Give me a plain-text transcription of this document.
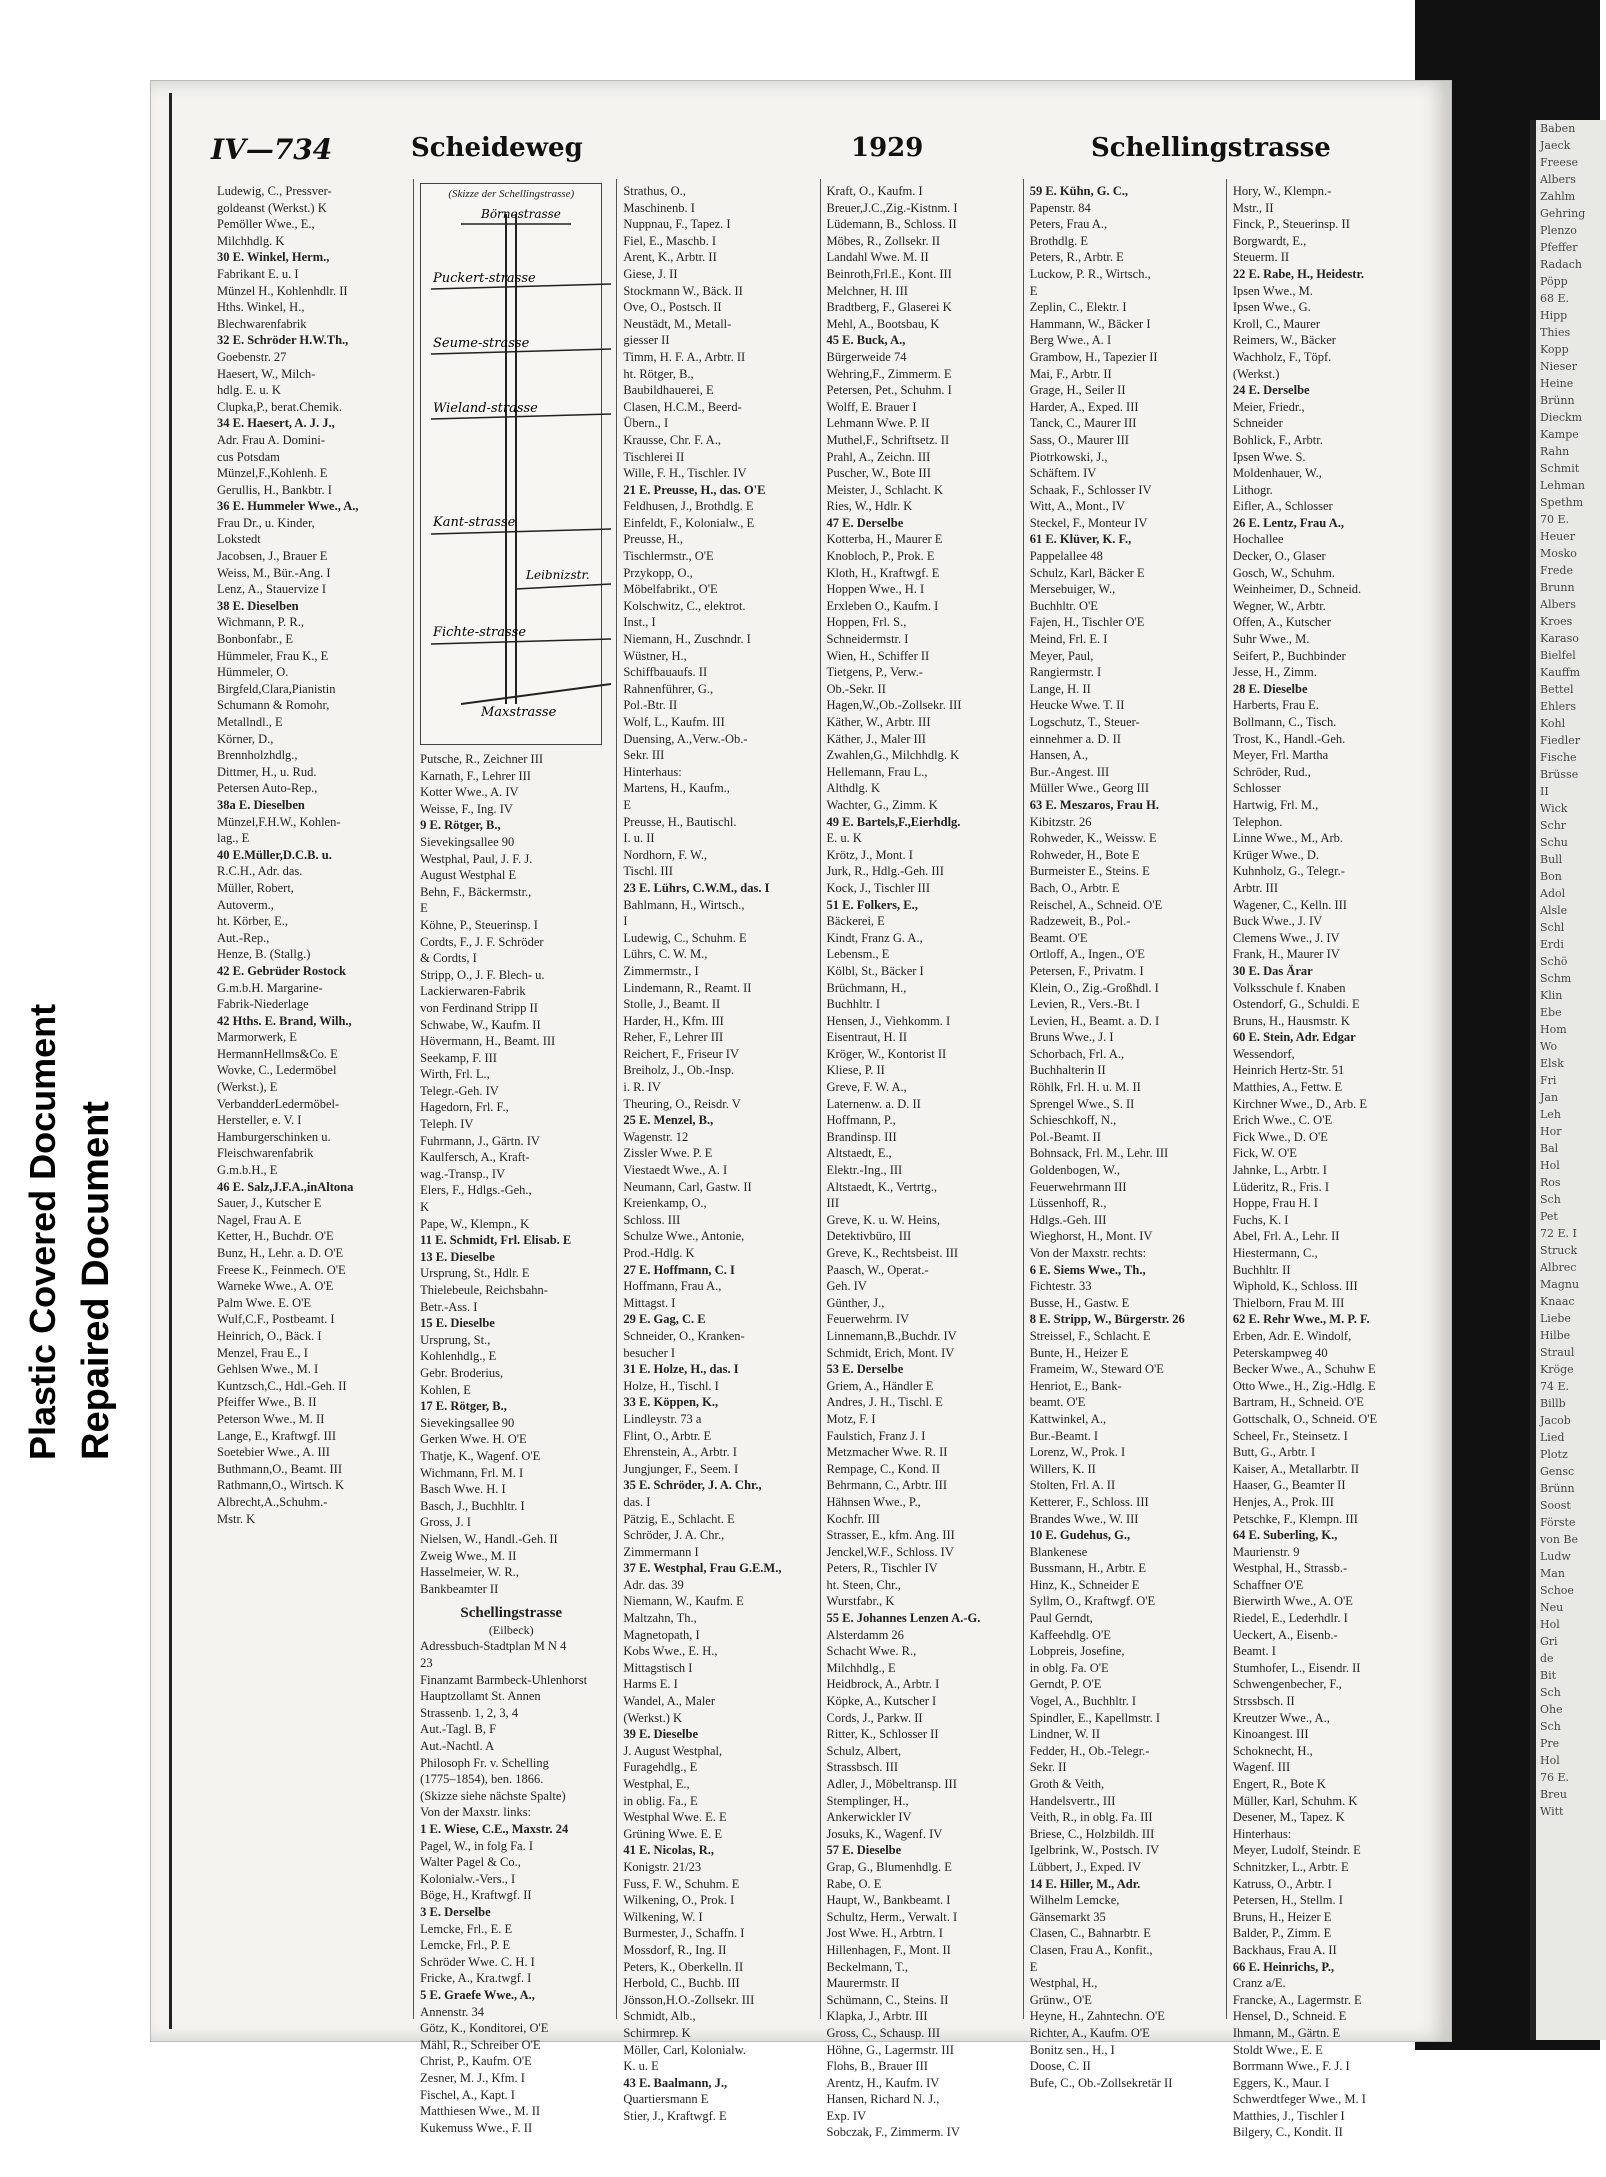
Baben
Jaeck
Freese
Albers
Zahlm
Gehring
Plenzo
Pfeffer
Radach
Pöpp
68 E.
Hipp
Thies
Kopp
Nieser
Heine
Brünn
Dieckm
Kampe
Rahn
Schmit
Lehman
Spethm
70 E.
Heuer
Mosko
Frede
Brunn
Albers
Kroes
Karaso
Bielfel
Kauffm
Bettel
Ehlers
Kohl
Fiedler
Fische
Brüsse
II
Wick
Schr
Schu
Bull
Bon
Adol
Alsle
Schl
Erdi
Schö
Schm
Klin
Ebe
Hom
Wo
Elsk
Fri
Jan
Leh
Hor
Bal
Hol
Ros
Sch
Pet
72 E. I
Struck
Albrec
Magnu
Knaac
Liebe
Hilbe
Straul
Kröge
74 E.
Billb
Jacob
Lied
Plotz
Gensc
Brünn
Soost
Förste
von Be
Ludw
Man
Schoe
Neu
Hol
Gri
de
Bit
Sch
Ohe
Sch
Pre
Hol
76 E.
Breu
Witt
IV—734	Scheideweg	1929	Schellingstrasse
Ludewig, C., Pressver-
goldeanst (Werkst.) K
Pemöller Wwe., E.,
Milchhdlg. K
30 E. Winkel, Herm.,
Fabrikant E. u. I
Münzel H., Kohlenhdlr. II
Hths. Winkel, H.,
Blechwarenfabrik
32 E. Schröder H.W.Th.,
Goebenstr. 27
Haesert, W., Milch-
hdlg. E. u. K
Clupka,P., berat.Chemik.
34 E. Haesert, A. J. J.,
Adr. Frau A. Domini-
cus Potsdam
Münzel,F.,Kohlenh. E
Gerullis, H., Bankbtr. I
36 E. Hummeler Wwe., A.,
Frau Dr., u. Kinder,
Lokstedt
Jacobsen, J., Brauer E
Weiss, M., Bür.-Ang. I
Lenz, A., Stauervize I
38 E. Dieselben
Wichmann, P. R.,
Bonbonfabr., E
Hümmeler, Frau K., E
Hümmeler, O.
Birgfeld,Clara,Pianistin
Schumann & Romohr,
Metallndl., E
Körner, D.,
Brennholzhdlg.,
Dittmer, H., u. Rud.
Petersen Auto-Rep.,
38a E. Dieselben
Münzel,F.H.W., Kohlen-
lag., E
40 E.Müller,D.C.B. u.
R.C.H., Adr. das.
Müller, Robert,
Autoverm.,
ht. Körber, E.,
Aut.-Rep.,
Henze, B. (Stallg.)
42 E. Gebrüder Rostock
G.m.b.H. Margarine-
Fabrik-Niederlage
42 Hths. E. Brand, Wilh.,
Marmorwerk, E
HermannHellms&Co. E
Wovke, C., Ledermöbel
(Werkst.), E
VerbandderLedermöbel-
Hersteller, e. V. I
Hamburgerschinken u.
Fleischwarenfabrik
G.m.b.H., E
46 E. Salz,J.F.A.,inAltona
Sauer, J., Kutscher E
Nagel, Frau A. E
Ketter, H., Buchdr. O'E
Bunz, H., Lehr. a. D. O'E
Freese K., Feinmech. O'E
Warneke Wwe., A. O'E
Palm Wwe. E. O'E
Wulf,C.F., Postbeamt. I
Heinrich, O., Bäck. I
Menzel, Frau E., I
Gehlsen Wwe., M. I
Kuntzsch,C., Hdl.-Geh. II
Pfeiffer Wwe., B. II
Peterson Wwe., M. II
Lange, E., Kraftwgf. III
Soetebier Wwe., A. III
Buthmann,O., Beamt. III
Rathmann,O., Wirtsch. K
Albrecht,A.,Schuhm.-
Mstr. K
(Skizze der Schellingstrasse)
Börnestrasse
Puckert-strasse
Seume-strasse
Wieland-strasse
Kant-strasse
Leibnizstr.
Fichte-strasse
Maxstrasse
Putsche, R., Zeichner III
Karnath, F., Lehrer III
Kotter Wwe., A. IV
Weisse, F., Ing. IV
9 E. Rötger, B.,
Sievekingsallee 90
Westphal, Paul, J. F. J.
August Westphal E
Behn, F., Bäckermstr.,
E
Köhne, P., Steuerinsp. I
Cordts, F., J. F. Schröder
& Cordts, I
Stripp, O., J. F. Blech- u.
Lackierwaren-Fabrik
von Ferdinand Stripp II
Schwabe, W., Kaufm. II
Hövermann, H., Beamt. III
Seekamp, F. III
Wirth, Frl. L.,
Telegr.-Geh. IV
Hagedorn, Frl. F.,
Teleph. IV
Fuhrmann, J., Gärtn. IV
Kaulfersch, A., Kraft-
wag.-Transp., IV
Elers, F., Hdlgs.-Geh.,
K
Pape, W., Klempn., K
11 E. Schmidt, Frl. Elisab. E
13 E. Dieselbe
Ursprung, St., Hdlr. E
Thielebeule, Reichsbahn-
Betr.-Ass. I
15 E. Dieselbe
Ursprung, St.,
Kohlenhdlg., E
Gebr. Broderius,
Kohlen, E
17 E. Rötger, B.,
Sievekingsallee 90
Gerken Wwe. H. O'E
Thatje, K., Wagenf. O'E
Wichmann, Frl. M. I
Basch Wwe. H. I
Basch, J., Buchhltr. I
Gross, J. I
Nielsen, W., Handl.-Geh. II
Zweig Wwe., M. II
Hasselmeier, W. R.,
Bankbeamter II
Schellingstrasse
(Eilbeck)
Adressbuch-Stadtplan M N 4
23
Finanzamt Barmbeck-Uhlenhorst
Hauptzollamt St. Annen
Strassenb. 1, 2, 3, 4
Aut.-Tagl. B, F
Aut.-Nachtl. A
Philosoph Fr. v. Schelling
(1775–1854), ben. 1866.
(Skizze siehe nächste Spalte)
Von der Maxstr. links:
1 E. Wiese, C.E., Maxstr. 24
Pagel, W., in folg Fa. I
Walter Pagel & Co.,
Kolonialw.-Vers., I
Böge, H., Kraftwgf. II
3 E. Derselbe
Lemcke, Frl., E. E
Lemcke, Frl., P. E
Schröder Wwe. C. H. I
Fricke, A., Kra.twgf. I
5 E. Graefe Wwe., A.,
Annenstr. 34
Götz, K., Konditorei, O'E
Mähl, R., Schreiber O'E
Christ, P., Kaufm. O'E
Zesner, M. J., Kfm. I
Fischel, A., Kapt. I
Matthiesen Wwe., M. II
Kukemuss Wwe., F. II
Strathus, O.,
Maschinenb. I
Nuppnau, F., Tapez. I
Fiel, E., Maschb. I
Arent, K., Arbtr. II
Giese, J. II
Stockmann W., Bäck. II
Ove, O., Postsch. II
Neustädt, M., Metall-
giesser II
Timm, H. F. A., Arbtr. II
ht. Rötger, B.,
Baubildhauerei, E
Clasen, H.C.M., Beerd-
Übern., I
Krausse, Chr. F. A.,
Tischlerei II
Wille, F. H., Tischler. IV
21 E. Preusse, H., das. O'E
Feldhusen, J., Brothdlg. E
Einfeldt, F., Kolonialw., E
Preusse, H.,
Tischlermstr., O'E
Przykopp, O.,
Möbelfabrikt., O'E
Kolschwitz, C., elektrot.
Inst., I
Niemann, H., Zuschndr. I
Wüstner, H.,
Schiffbauaufs. II
Rahnenführer, G.,
Pol.-Btr. II
Wolf, L., Kaufm. III
Duensing, A.,Verw.-Ob.-
Sekr. III
Hinterhaus:
Martens, H., Kaufm.,
E
Preusse, H., Bautischl.
I. u. II
Nordhorn, F. W.,
Tischl. III
23 E. Lührs, C.W.M., das. I
Bahlmann, H., Wirtsch.,
I
Ludewig, C., Schuhm. E
Lührs, C. W. M.,
Zimmermstr., I
Lindemann, R., Reamt. II
Stolle, J., Beamt. II
Harder, H., Kfm. III
Reher, F., Lehrer III
Reichert, F., Friseur IV
Breiholz, J., Ob.-Insp.
i. R. IV
Theuring, O., Reisdr. V
25 E. Menzel, B.,
Wagenstr. 12
Zissler Wwe. P. E
Viestaedt Wwe., A. I
Neumann, Carl, Gastw. II
Kreienkamp, O.,
Schloss. III
Schulze Wwe., Antonie,
Prod.-Hdlg. K
27 E. Hoffmann, C. I
Hoffmann, Frau A.,
Mittagst. I
29 E. Gag, C. E
Schneider, O., Kranken-
besucher I
31 E. Holze, H., das. I
Holze, H., Tischl. I
33 E. Köppen, K.,
Lindleystr. 73 a
Flint, O., Arbtr. E
Ehrenstein, A., Arbtr. I
Jungjunger, F., Seem. I
35 E. Schröder, J. A. Chr.,
das. I
Pätzig, E., Schlacht. E
Schröder, J. A. Chr.,
Zimmermann I
37 E. Westphal, Frau G.E.M.,
Adr. das. 39
Niemann, W., Kaufm. E
Maltzahn, Th.,
Magnetopath, I
Kobs Wwe., E. H.,
Mittagstisch I
Harms E. I
Wandel, A., Maler
(Werkst.) K
39 E. Dieselbe
J. August Westphal,
Furagehdlg., E
Westphal, E.,
in oblig. Fa., E
Westphal Wwe. E. E
Grüning Wwe. E. E
41 E. Nicolas, R.,
Konigstr. 21/23
Fuss, F. W., Schuhm. E
Wilkening, O., Prok. I
Wilkening, W. I
Burmester, J., Schaffn. I
Mossdorf, R., Ing. II
Peters, K., Oberkelln. II
Herbold, C., Buchb. III
Jönsson,H.O.-Zollsekr. III
Schmidt, Alb.,
Schirmrep. K
Möller, Carl, Kolonialw.
K. u. E
43 E. Baalmann, J.,
Quartiersmann E
Stier, J., Kraftwgf. E
Kraft, O., Kaufm. I
Breuer,J.C.,Zig.-Kistnm. I
Lüdemann, B., Schloss. II
Möbes, R., Zollsekr. II
Landahl Wwe. M. II
Beinroth,Frl.E., Kont. III
Melchner, H. III
Bradtberg, F., Glaserei K
Mehl, A., Bootsbau, K
45 E. Buck, A.,
Bürgerweide 74
Wehring,F., Zimmerm. E
Petersen, Pet., Schuhm. I
Wolff, E. Brauer I
Lehmann Wwe. P. II
Muthel,F., Schriftsetz. II
Prahl, A., Zeichn. III
Puscher, W., Bote III
Meister, J., Schlacht. K
Ries, W., Hdlr. K
47 E. Derselbe
Kotterba, H., Maurer E
Knobloch, P., Prok. E
Kloth, H., Kraftwgf. E
Hoppen Wwe., H. I
Erxleben O., Kaufm. I
Hoppen, Frl. S.,
Schneidermstr. I
Wien, H., Schiffer II
Tietgens, P., Verw.-
Ob.-Sekr. II
Hagen,W.,Ob.-Zollsekr. III
Käther, W., Arbtr. III
Käther, J., Maler III
Zwahlen,G., Milchhdlg. K
Hellemann, Frau L.,
Althdlg. K
Wachter, G., Zimm. K
49 E. Bartels,F.,Eierhdlg.
E. u. K
Krötz, J., Mont. I
Jurk, R., Hdlg.-Geh. III
Kock, J., Tischler III
51 E. Folkers, E.,
Bäckerei, E
Kindt, Franz G. A.,
Lebensm., E
Kölbl, St., Bäcker I
Brüchmann, H.,
Buchhltr. I
Hensen, J., Viehkomm. I
Eisentraut, H. II
Kröger, W., Kontorist II
Kliese, P. II
Greve, F. W. A.,
Laternenw. a. D. II
Hoffmann, P.,
Brandinsp. III
Altstaedt, E.,
Elektr.-Ing., III
Altstaedt, K., Vertrtg.,
III
Greve, K. u. W. Heins,
Detektivbüro, III
Greve, K., Rechtsbeist. III
Paasch, W., Operat.-
Geh. IV
Günther, J.,
Feuerwehrm. IV
Linnemann,B.,Buchdr. IV
Schmidt, Erich, Mont. IV
53 E. Derselbe
Griem, A., Händler E
Andres, J. H., Tischl. E
Motz, F. I
Faulstich, Franz J. I
Metzmacher Wwe. R. II
Rempage, C., Kond. II
Behrmann, C., Arbtr. III
Hähnsen Wwe., P.,
Kochfr. III
Strasser, E., kfm. Ang. III
Jenckel,W.F., Schloss. IV
Peters, R., Tischler IV
ht. Steen, Chr.,
Wurstfabr., K
55 E. Johannes Lenzen A.-G.
Alsterdamm 26
Schacht Wwe. R.,
Milchhdlg., E
Heidbrock, A., Arbtr. I
Köpke, A., Kutscher I
Cords, J., Parkw. II
Ritter, K., Schlosser II
Schulz, Albert,
Strassbsch. III
Adler, J., Möbeltransp. III
Stemplinger, H.,
Ankerwickler IV
Josuks, K., Wagenf. IV
57 E. Dieselbe
Grap, G., Blumenhdlg. E
Rabe, O. E
Haupt, W., Bankbeamt. I
Schultz, Herm., Verwalt. I
Jost Wwe. H., Arbtrn. I
Hillenhagen, F., Mont. II
Beckelmann, T.,
Maurermstr. II
Schümann, C., Steins. II
Klapka, J., Arbtr. III
Gross, C., Schausp. III
Höhne, G., Lagermstr. III
Flohs, B., Brauer III
Arentz, H., Kaufm. IV
Hansen, Richard N. J.,
Exp. IV
Sobczak, F., Zimmerm. IV
59 E. Kühn, G. C.,
Papenstr. 84
Peters, Frau A.,
Brothdlg. E
Peters, R., Arbtr. E
Luckow, P. R., Wirtsch.,
E
Zeplin, C., Elektr. I
Hammann, W., Bäcker I
Berg Wwe., A. I
Grambow, H., Tapezier II
Mai, F., Arbtr. II
Grage, H., Seiler II
Harder, A., Exped. III
Tanck, C., Maurer III
Sass, O., Maurer III
Piotrkowski, J.,
Schäftem. IV
Schaak, F., Schlosser IV
Witt, A., Mont., IV
Steckel, F., Monteur IV
61 E. Klüver, K. F.,
Pappelallee 48
Schulz, Karl, Bäcker E
Mersebuiger, W.,
Buchhltr. O'E
Fajen, H., Tischler O'E
Meind, Frl. E. I
Meyer, Paul,
Rangiermstr. I
Lange, H. II
Heucke Wwe. T. II
Logschutz, T., Steuer-
einnehmer a. D. II
Hansen, A.,
Bur.-Angest. III
Müller Wwe., Georg III
63 E. Meszaros, Frau H.
Kibitzstr. 26
Rohweder, K., Weissw. E
Rohweder, H., Bote E
Burmeister E., Steins. E
Bach, O., Arbtr. E
Reischel, A., Schneid. O'E
Radzeweit, B., Pol.-
Beamt. O'E
Ortloff, A., Ingen., O'E
Petersen, F., Privatm. I
Klein, O., Zig.-Großhdl. I
Levien, R., Vers.-Bt. I
Levien, H., Beamt. a. D. I
Bruns Wwe., J. I
Schorbach, Frl. A.,
Buchhalterin II
Röhlk, Frl. H. u. M. II
Sprengel Wwe., S. II
Schieschkoff, N.,
Pol.-Beamt. II
Bohnsack, Frl. M., Lehr. III
Goldenbogen, W.,
Feuerwehrmann III
Lüssenhoff, R.,
Hdlgs.-Geh. III
Wieghorst, H., Mont. IV
Von der Maxstr. rechts:
6 E. Siems Wwe., Th.,
Fichtestr. 33
Busse, H., Gastw. E
8 E. Stripp, W., Bürgerstr. 26
Streissel, F., Schlacht. E
Bunte, H., Heizer E
Frameim, W., Steward O'E
Henriot, E., Bank-
beamt. O'E
Kattwinkel, A.,
Bur.-Beamt. I
Lorenz, W., Prok. I
Willers, K. II
Stolten, Frl. A. II
Ketterer, F., Schloss. III
Brandes Wwe., W. III
10 E. Gudehus, G.,
Blankenese
Bussmann, H., Arbtr. E
Hinz, K., Schneider E
Syllm, O., Kraftwgf. O'E
Paul Gerndt,
Kaffeehdlg. O'E
Lobpreis, Josefine,
in oblg. Fa. O'E
Gerndt, P. O'E
Vogel, A., Buchhltr. I
Spindler, E., Kapellmstr. I
Lindner, W. II
Fedder, H., Ob.-Telegr.-
Sekr. II
Groth & Veith,
Handelsvertr., III
Veith, R., in oblg. Fa. III
Briese, C., Holzbildh. III
Igelbrink, W., Postsch. IV
Lübbert, J., Exped. IV
14 E. Hiller, M., Adr.
Wilhelm Lemcke,
Gänsemarkt 35
Clasen, C., Bahnarbtr. E
Clasen, Frau A., Konfit.,
E
Westphal, H.,
Grünw., O'E
Heyne, H., Zahntechn. O'E
Richter, A., Kaufm. O'E
Bonitz sen., H., I
Doose, C. II
Bufe, C., Ob.-Zollsekretär II
Hory, W., Klempn.-
Mstr., II
Finck, P., Steuerinsp. II
Borgwardt, E.,
Steuerm. II
22 E. Rabe, H., Heidestr.
Ipsen Wwe., M.
Ipsen Wwe., G.
Kroll, C., Maurer
Reimers, W., Bäcker
Wachholz, F., Töpf.
(Werkst.)
24 E. Derselbe
Meier, Friedr.,
Schneider
Bohlick, F., Arbtr.
Ipsen Wwe. S.
Moldenhauer, W.,
Lithogr.
Eifler, A., Schlosser
26 E. Lentz, Frau A.,
Hochallee
Decker, O., Glaser
Gosch, W., Schuhm.
Weinheimer, D., Schneid.
Wegner, W., Arbtr.
Offen, A., Kutscher
Suhr Wwe., M.
Seifert, P., Buchbinder
Jesse, H., Zimm.
28 E. Dieselbe
Harberts, Frau E.
Bollmann, C., Tisch.
Trost, K., Handl.-Geh.
Meyer, Frl. Martha
Schröder, Rud.,
Schlosser
Hartwig, Frl. M.,
Telephon.
Linne Wwe., M., Arb.
Krüger Wwe., D.
Kuhnholz, G., Telegr.-
Arbtr. III
Wagener, C., Kelln. III
Buck Wwe., J. IV
Clemens Wwe., J. IV
Frank, H., Maurer IV
30 E. Das Ärar
Volksschule f. Knaben
Ostendorf, G., Schuldi. E
Bruns, H., Hausmstr. K
60 E. Stein, Adr. Edgar
Wessendorf,
Heinrich Hertz-Str. 51
Matthies, A., Fettw. E
Kirchner Wwe., D., Arb. E
Erich Wwe., C. O'E
Fick Wwe., D. O'E
Fick, W. O'E
Jahnke, L., Arbtr. I
Lüderitz, R., Fris. I
Hoppe, Frau H. I
Fuchs, K. I
Abel, Frl. A., Lehr. II
Hiestermann, C.,
Buchhltr. II
Wiphold, K., Schloss. III
Thielborn, Frau M. III
62 E. Rehr Wwe., M. P. F.
Erben, Adr. E. Windolf,
Peterskampweg 40
Becker Wwe., A., Schuhw E
Otto Wwe., H., Zig.-Hdlg. E
Bartram, H., Schneid. O'E
Gottschalk, O., Schneid. O'E
Scheel, Fr., Steinsetz. I
Butt, G., Arbtr. I
Kaiser, A., Metallarbtr. II
Haaser, G., Beamter II
Henjes, A., Prok. III
Petschke, F., Klempn. III
64 E. Suberling, K.,
Maurienstr. 9
Westphal, H., Strassb.-
Schaffner O'E
Bierwirth Wwe., A. O'E
Riedel, E., Lederhdlr. I
Ueckert, A., Eisenb.-
Beamt. I
Stumhofer, L., Eisendr. II
Schwengenbecher, F.,
Strssbsch. II
Kreutzer Wwe., A.,
Kinoangest. III
Schoknecht, H.,
Wagenf. III
Engert, R., Bote K
Müller, Karl, Schuhm. K
Desener, M., Tapez. K
Hinterhaus:
Meyer, Ludolf, Steindr. E
Schnitzker, L., Arbtr. E
Katruss, O., Arbtr. I
Petersen, H., Stellm. I
Bruns, H., Heizer E
Balder, P., Zimm. E
Backhaus, Frau A. II
66 E. Heinrichs, P.,
Cranz a/E.
Francke, A., Lagermstr. E
Hensel, D., Schneid. E
Ihmann, M., Gärtn. E
Stoldt Wwe., E. E
Borrmann Wwe., F. J. I
Eggers, K., Maur. I
Schwerdtfeger Wwe., M. I
Matthies, J., Tischler I
Bilgery, C., Kondit. II
Repaired Document
Plastic Covered Document
